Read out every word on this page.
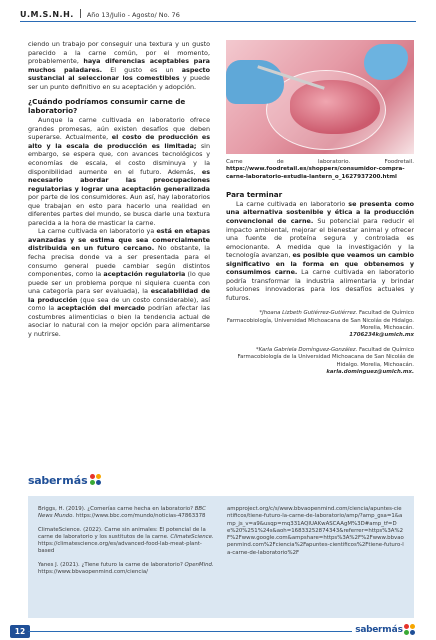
U.M.S.N.H. Año 13/Julio - Agosto/ No. 76

ciendo un trabajo por conseguir una textura y un gusto parecido a la carne común, por el momento, probablemente, haya diferencias aceptables para muchos paladares. El gusto es un aspecto sustancial al seleccionar los comestibles y puede ser un punto definitivo en su aceptación y adopción.

¿Cuándo podríamos consumir carne de laboratorio?

Aunque la carne cultivada en laboratorio ofrece grandes promesas, aún existen desafíos que deben superarse. Actualmente, el costo de producción es alto y la escala de producción es limitada; sin embargo, se espera que, con avances tecnológicos y economías de escala, el costo disminuya y la disponibilidad aumente en el futuro. Además, es necesario abordar las preocupaciones regulatorias y lograr una aceptación generalizada por parte de los consumidores. Aun así, hay laboratorios que trabajan en esto para hacerlo una realidad en diferentes partes del mundo, se busca darle una textura parecida a la hora de masticar la carne.

La carne cultivada en laboratorio ya está en etapas avanzadas y se estima que sea comercialmente distribuida en un futuro cercano. No obstante, la fecha precisa donde va a ser presentada para el consumo general puede cambiar según distintos componentes, como la aceptación regulatoria (lo que puede ser un problema porque ni siquiera cuenta con una categoría para ser evaluada), la escalabilidad de la producción (que sea de un costo considerable), así como la aceptación del mercado podrían afectar las costumbres alimenticias o bien la tendencia actual de asociar lo natural con la mejor opción para alimentarse y nutrirse.

Carne de laboratorio. Foodretail. https://www.foodretail.es/shoppers/consumidor-compra-carne-laboratorio-estudia-lantern_o_1627937200.html

Para terminar

La carne cultivada en laboratorio se presenta como una alternativa sostenible y ética a la producción convencional de carne. Su potencial para reducir el impacto ambiental, mejorar el bienestar animal y ofrecer una fuente de proteína segura y controlada es emocionante. A medida que la investigación y la tecnología avanzan, es posible que veamos un cambio significativo en la forma en que obtenemos y consumimos carne. La carne cultivada en laboratorio podría transformar la industria alimentaria y brindar soluciones innovadoras para los desafíos actuales y futuros.

*Jhoana Lizbeth Gutiérrez-Gutiérrez. Facultad de Químico Farmacobiología, Universidad Michoacana de San Nicolás de Hidalgo. Morelia, Michoacán.
1706234k@umich.mx
*Karla Gabriela Domínguez-González. Facultad de Químico Farmacobiología de la Universidad Michoacana de San Nicolás de Hidalgo. Morelia, Michoacán.
karla.dominguez@umich.mx.
saber más

Briggs, H. (2019). ¿Comerías carne hecha en laboratorio? BBC News Mundo. https://www.bbc.com/mundo/noticias-47863378

ClimateScience. (2022). Carne sin animales: El potencial de la carne de laboratorio y los sustitutos de la carne. ClimateScience. https://climatescience.org/es/advanced-food-lab-meat-plant-based

Yanes J. (2021). ¿Tiene futuro la carne de laboratorio? OpenMind. https://www.bbvaopenmind.com/ciencia/

ampproject.org/c/s/www.bbvaopenmind.com/ciencia/apuntes-cientificos/tiene-futuro-la-carne-de-laboratorio/amp/?amp_gsa=1&amp_js_v=a9&usqp=mq331AQIUAKwASCAAgM%3D#amp_tf=De%20%251%24s&aoh=16833252874343&referrer=https%3A%2F%2Fwww.google.com&ampshare=https%3A%2F%2Fwww.bbvaopenmind.com%2Fciencia%2Fapuntes-cientificos%2Ftiene-futuro-la-carne-de-laboratorio%2F

12	saber más
